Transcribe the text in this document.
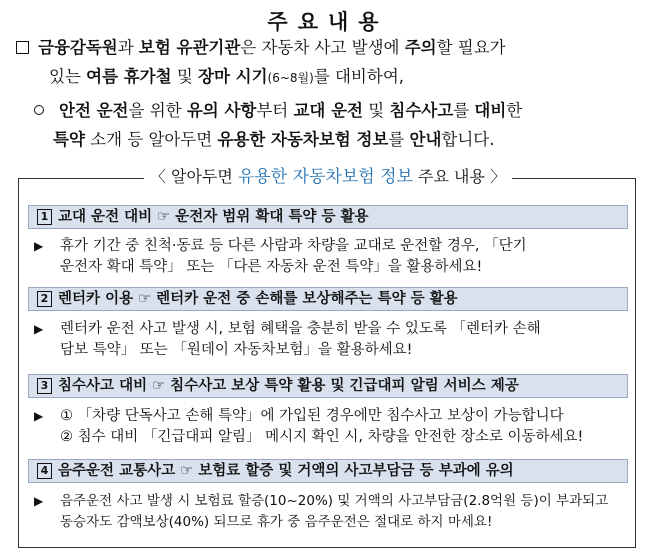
주요내용
금융감독원과 보험 유관기관은 자동차 사고 발생에 주의할 필요가
있는 여름 휴가철 및 장마 시기(6~8월)를 대비하여,
안전 운전을 위한 유의 사항부터 교대 운전 및 침수사고를 대비한
특약 소개 등 알아두면 유용한 자동차보험 정보를 안내합니다.
〈 알아두면 유용한 자동차보험 정보 주요 내용 〉
1 교대 운전 대비 ☞ 운전자 범위 확대 특약 등 활용
▶	휴가 기간 중 친척·동료 등 다른 사람과 차량을 교대로 운전할 경우, 「단기
운전자 확대 특약」 또는 「다른 자동차 운전 특약」을 활용하세요!
2 렌터카 이용 ☞ 렌터카 운전 중 손해를 보상해주는 특약 등 활용
▶	렌터카 운전 사고 발생 시, 보험 혜택을 충분히 받을 수 있도록 「렌터카 손해
담보 특약」 또는 「원데이 자동차보험」을 활용하세요!
3 침수사고 대비 ☞ 침수사고 보상 특약 활용 및 긴급대피 알림 서비스 제공
▶	① 「차량 단독사고 손해 특약」에 가입된 경우에만 침수사고 보상이 가능합니다
② 침수 대비 「긴급대피 알림」 메시지 확인 시, 차량을 안전한 장소로 이동하세요!
4 음주운전 교통사고 ☞ 보험료 할증 및 거액의 사고부담금 등 부과에 유의
▶	음주운전 사고 발생 시 보험료 할증(10~20%) 및 거액의 사고부담금(2.8억원 등)이 부과되고
동승자도 감액보상(40%) 되므로 휴가 중 음주운전은 절대로 하지 마세요!
